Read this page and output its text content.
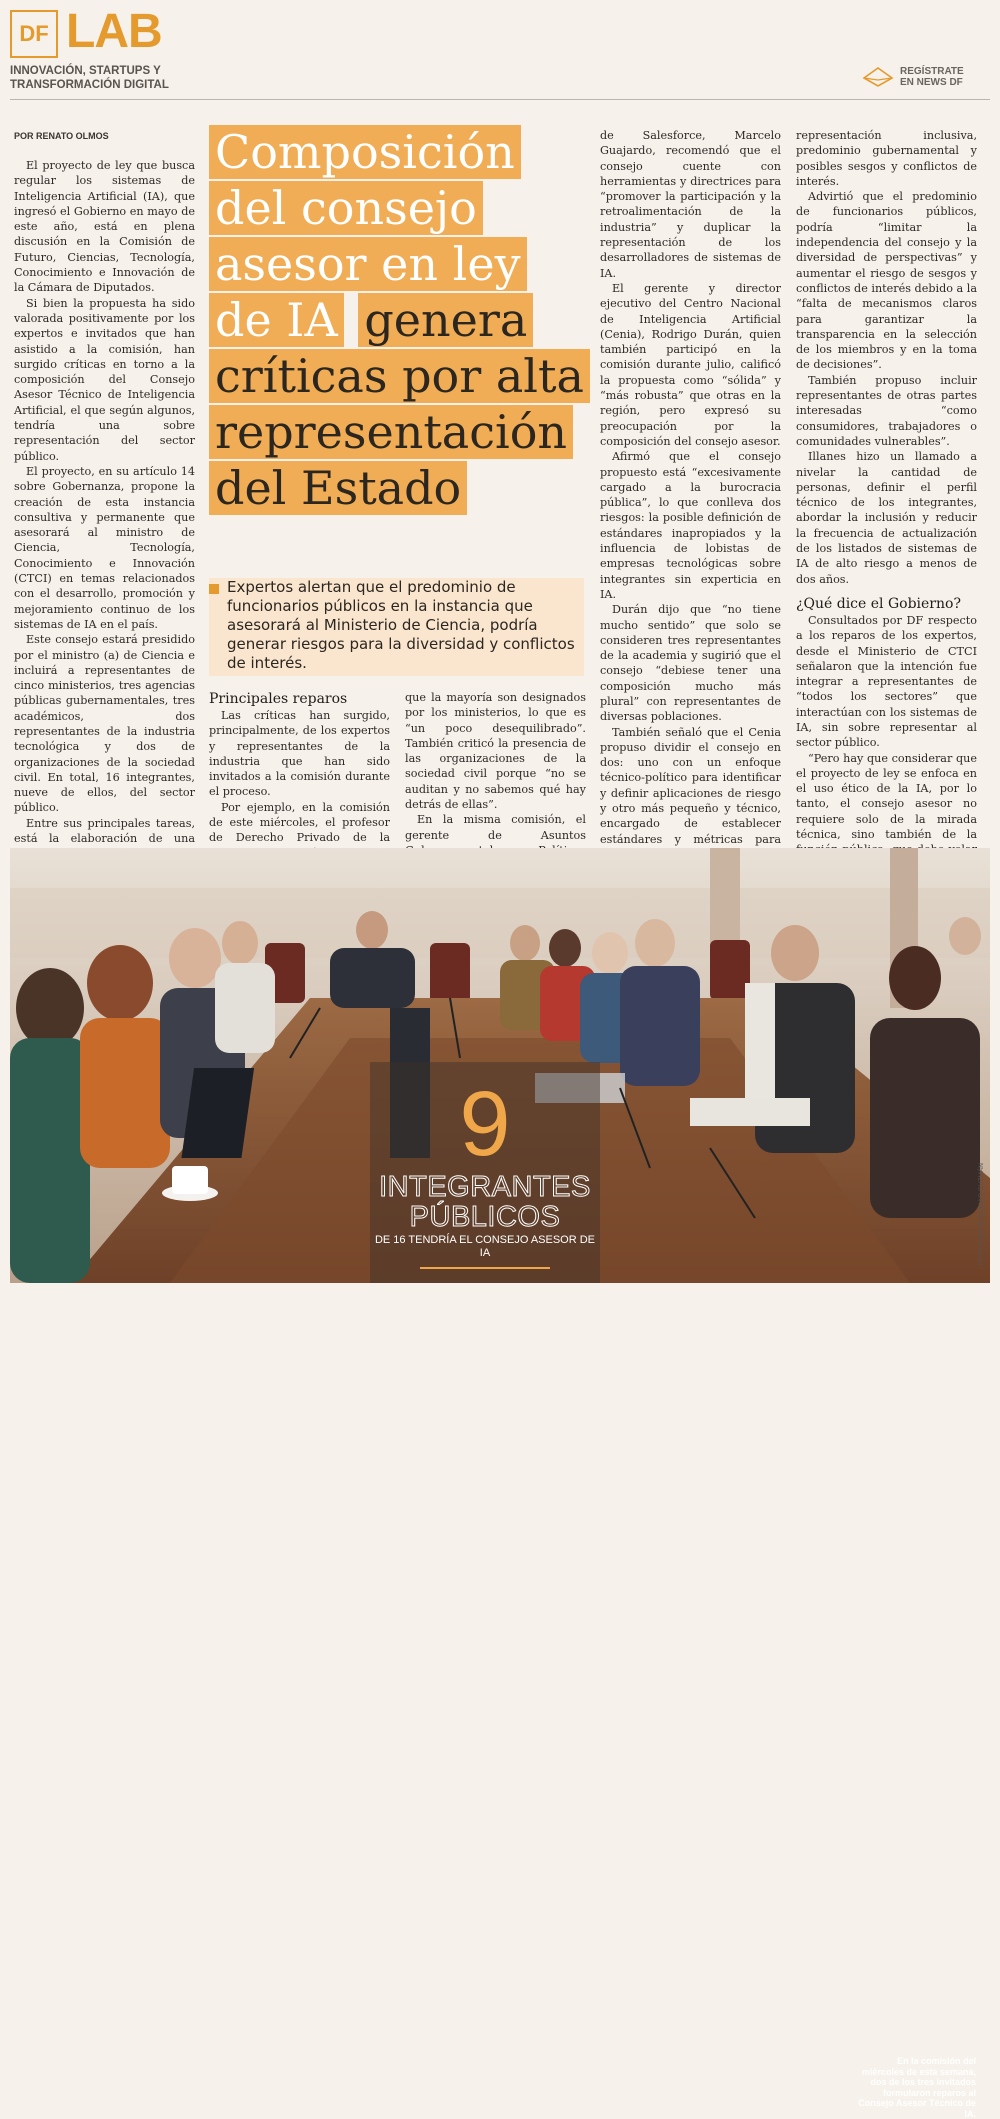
DF LAB
INNOVACIÓN, STARTUPS Y TRANSFORMACIÓN DIGITAL
REGÍSTRATE EN NEWS DF
POR RENATO OLMOS Composición del consejo asesor en ley de IA genera críticas por alta representación del Estado
Expertos alertan que el predominio de funcionarios públicos en la instancia que asesorará al Ministerio de Ciencia, podría generar riesgos para la diversidad y conflictos de interés.

El proyecto de ley que busca regular los sistemas de Inteligencia Artificial (IA), que ingresó el Gobierno en mayo de este año, está en plena discusión en la Comisión de Futuro, Ciencias, Tecnología, Conocimiento e Innovación de la Cámara de Diputados.

Si bien la propuesta ha sido valorada positivamente por los expertos e invitados que han asistido a la comisión, han surgido críticas en torno a la composición del Consejo Asesor Técnico de Inteligencia Artificial, el que según algunos, tendría una sobre representación del sector público.

El proyecto, en su artículo 14 sobre Gobernanza, propone la creación de esta instancia consultiva y permanente que asesorará al ministro de Ciencia, Tecnología, Conocimiento e Innovación (CTCI) en temas relacionados con el desarrollo, promoción y mejoramiento continuo de los sistemas de IA en el país.

Este consejo estará presidido por el ministro (a) de Ciencia e incluirá a representantes de cinco ministerios, tres agencias públicas gubernamentales, tres académicos, dos representantes de la industria tecnológica y dos de organizaciones de la sociedad civil. En total, 16 integrantes, nueve de ellos, del sector público.

Entre sus principales tareas, está la elaboración de una

Principales reparos

Las críticas han surgido, principalmente, de los expertos y representantes de la industria que han sido invitados a la comisión durante el proceso.

Por ejemplo, en la comisión de este miércoles, el profesor de Derecho Privado de la

que la mayoría son designados por los ministerios, lo que es “un poco desequilibrado”. También criticó la presencia de las organizaciones de la sociedad civil porque “no se auditan y no sabemos qué hay detrás de ellas”.

En la misma comisión, el gerente de Asuntos

de Salesforce, Marcelo Guajardo, recomendó que el consejo cuente con herramientas y directrices para “promover la participación y la retroalimentación de la industria” y duplicar la representación de los desarrolladores de sistemas de IA.

El gerente y director ejecutivo del Centro Nacional de Inteligencia Artificial (Cenia), Rodrigo Durán, quien también participó en la comisión durante julio, calificó la propuesta como “sólida” y “más robusta” que otras en la región, pero expresó su preocupación por la composición del consejo asesor.

Afirmó que el consejo propuesto está “excesivamente cargado a la burocracia pública”, lo que conlleva dos riesgos: la posible definición de estándares inapropiados y la influencia de lobistas de empresas tecnológicas sobre integrantes sin experticia en IA.

Durán dijo que “no tiene mucho sentido” que solo se consideren tres representantes de la academia y sugirió que el consejo “debiese tener una composición mucho más plural” con representantes de diversas poblaciones.

También señaló que el Cenia propuso dividir el consejo en dos: uno con un enfoque técnico-político para identificar y definir aplicaciones de riesgo y otro más pequeño y técnico, encargado de establecer estándares y métricas para

representación inclusiva, predominio gubernamental y posibles sesgos y conflictos de interés.

Advirtió que el predominio de funcionarios públicos, podría “limitar la independencia del consejo y la diversidad de perspectivas” y aumentar el riesgo de sesgos y conflictos de interés debido a la “falta de mecanismos claros para garantizar la transparencia en la selección de los miembros y en la toma de decisiones”.

También propuso incluir representantes de otras partes interesadas “como consumidores, trabajadores o comunidades vulnerables”.

Illanes hizo un llamado a nivelar la cantidad de personas, definir el perfil técnico de los integrantes, abordar la inclusión y reducir la frecuencia de actualización de los listados de sistemas de IA de alto riesgo a menos de dos años.

¿Qué dice el Gobierno?

Consultados por DF respecto a los reparos de los expertos, desde el Ministerio de CTCI señalaron que la intención fue integrar a representantes de “todos los sectores” que interactúan con los sistemas de IA, sin sobre representar al sector público.

“Pero hay que considerar que el proyecto de ley se enfoca en el uso ético de la IA, por lo tanto, el consejo asesor no requiere solo de la mirada técnica, sino también de la

En la comisión del miércoles de esta semana, dos de los tres invitados formularon reparos al Consejo Asesor Técnico de IA.
9
INTEGRANTES PÚBLICOS
DE 16 TENDRÍA EL CONSEJO ASESOR DE IA	FOTO EVELYN HUINAO GUZMÁN
